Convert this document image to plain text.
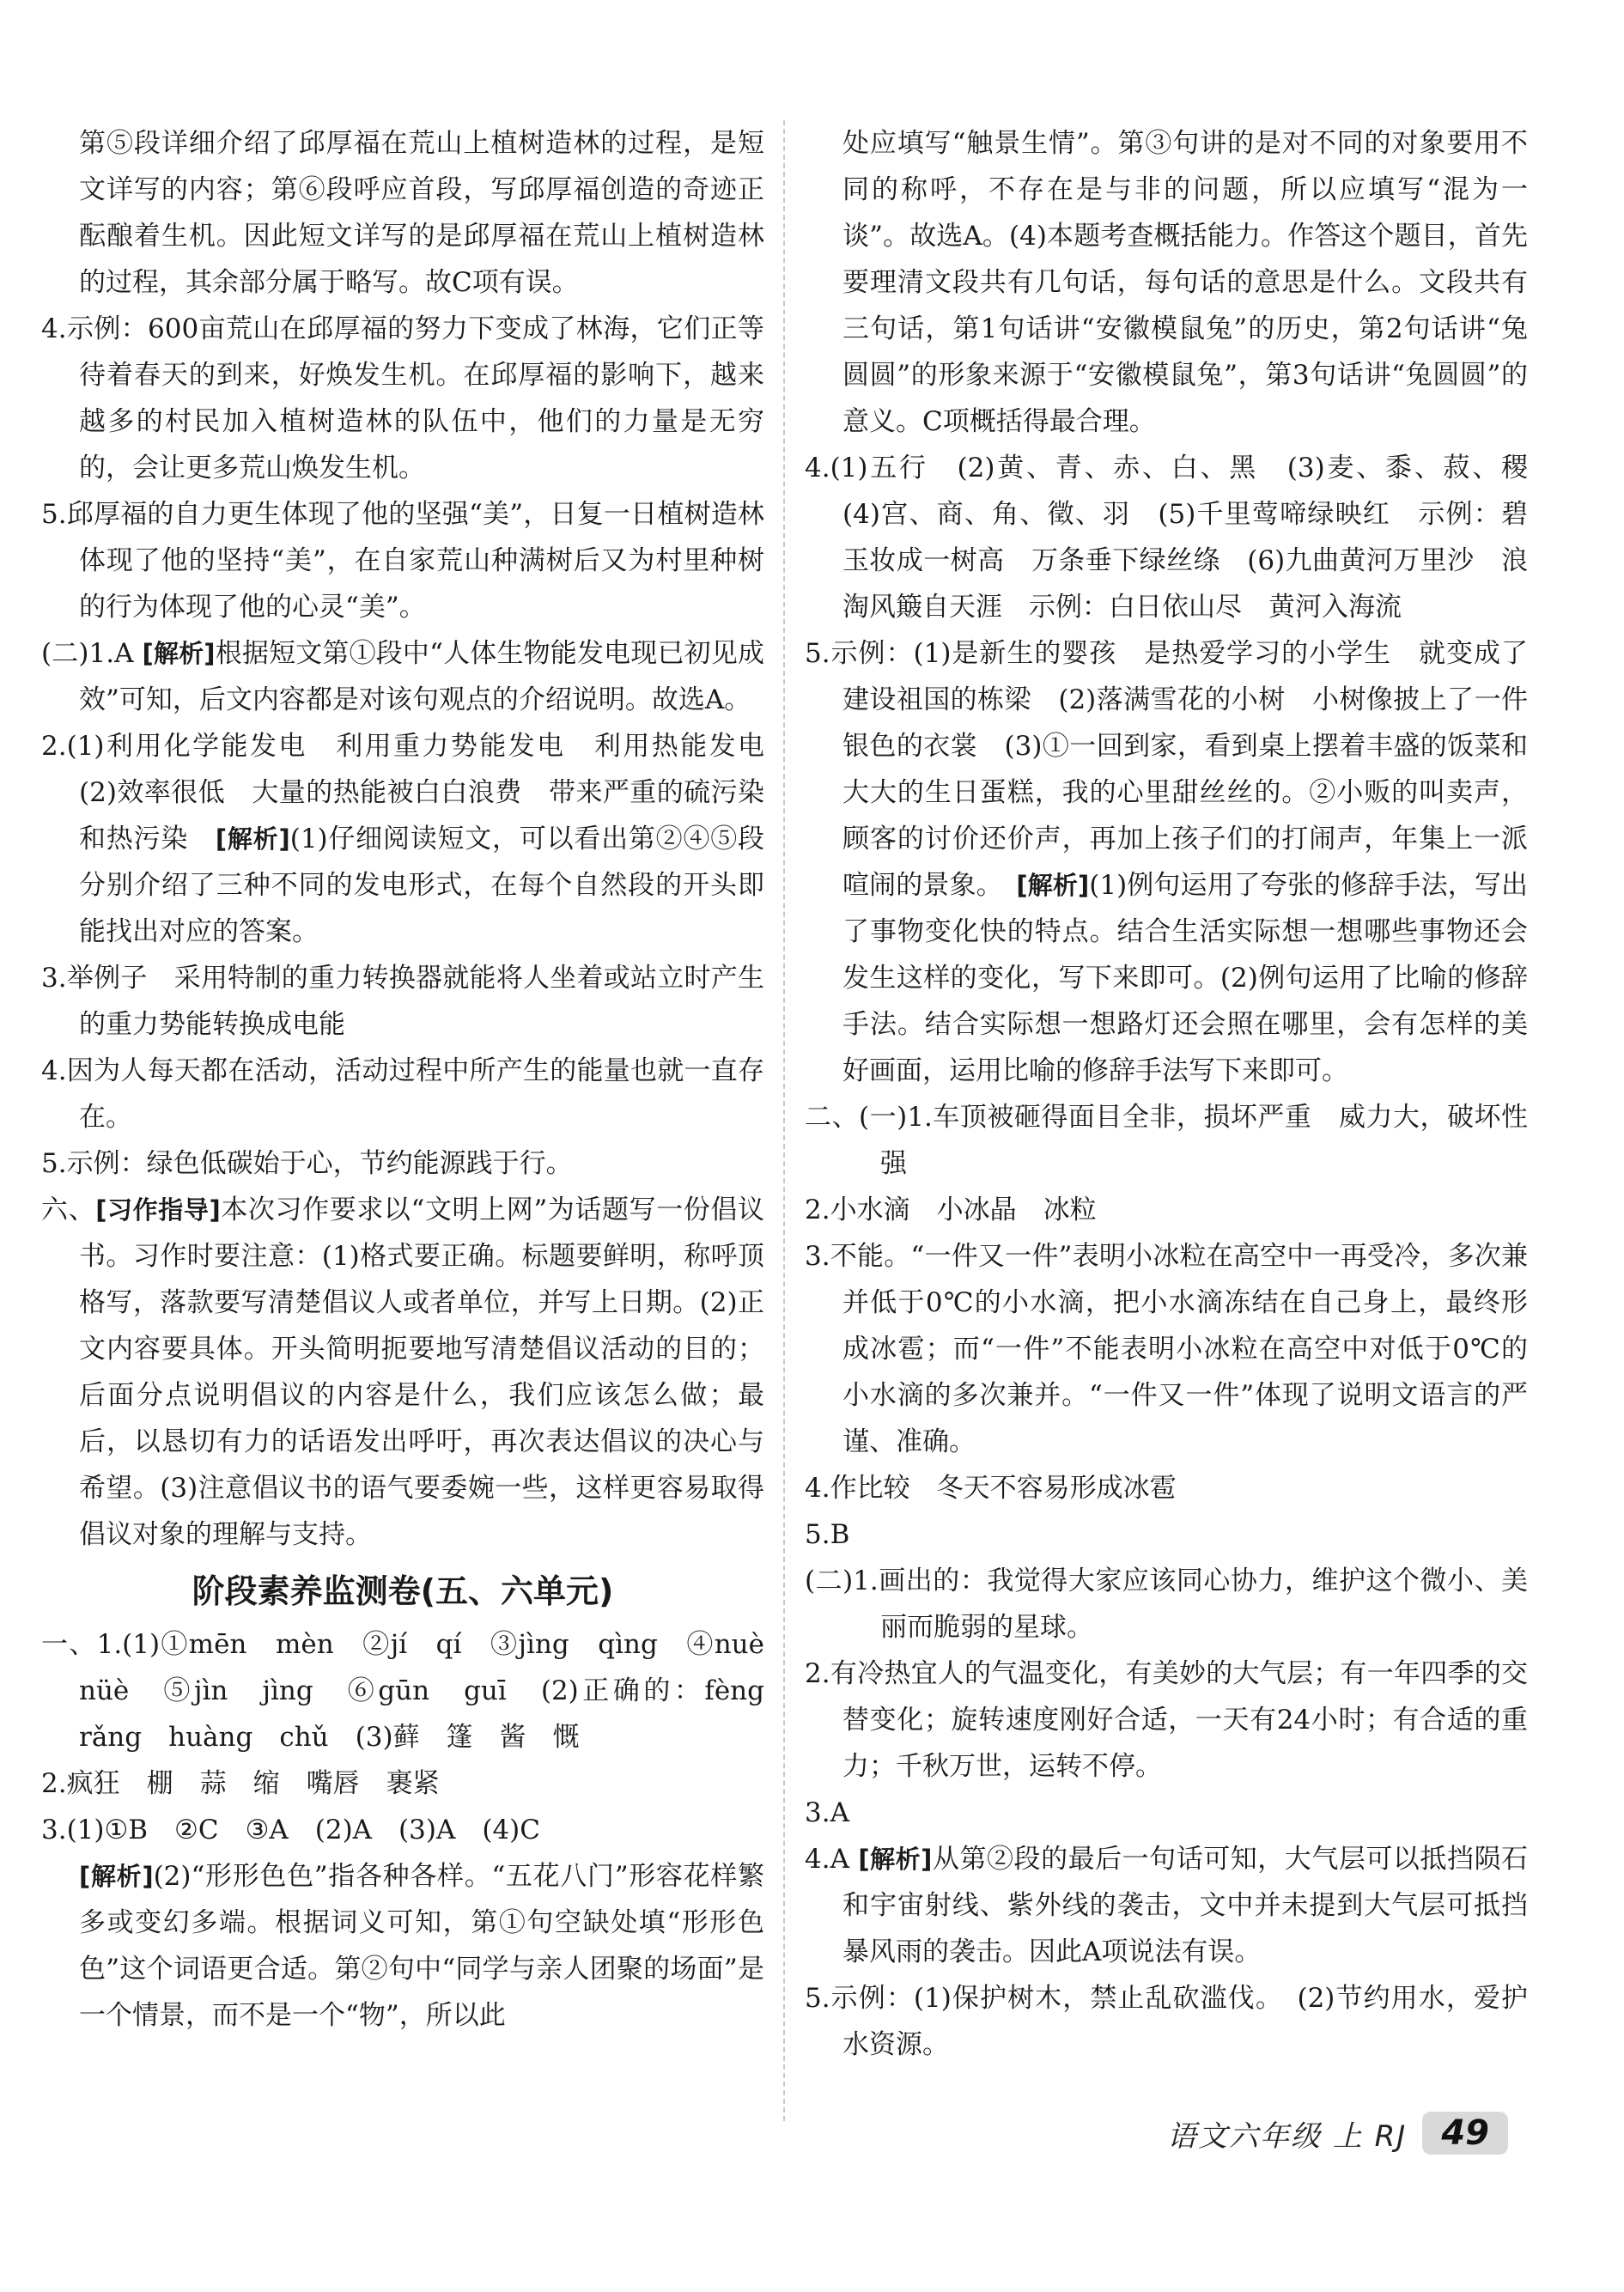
第⑤段详细介绍了邱厚福在荒山上植树造林的过程，是短文详写的内容；第⑥段呼应首段，写邱厚福创造的奇迹正酝酿着生机。因此短文详写的是邱厚福在荒山上植树造林的过程，其余部分属于略写。故C项有误。
4.示例：600亩荒山在邱厚福的努力下变成了林海，它们正等待着春天的到来，好焕发生机。在邱厚福的影响下，越来越多的村民加入植树造林的队伍中，他们的力量是无穷的，会让更多荒山焕发生机。
5.邱厚福的自力更生体现了他的坚强“美”，日复一日植树造林体现了他的坚持“美”，在自家荒山种满树后又为村里种树的行为体现了他的心灵“美”。
(二)1.A [解析]根据短文第①段中“人体生物能发电现已初见成效”可知，后文内容都是对该句观点的介绍说明。故选A。
2.(1)利用化学能发电　利用重力势能发电　利用热能发电　(2)效率很低　大量的热能被白白浪费　带来严重的硫污染和热污染　[解析](1)仔细阅读短文，可以看出第②④⑤段分别介绍了三种不同的发电形式，在每个自然段的开头即能找出对应的答案。
3.举例子　采用特制的重力转换器就能将人坐着或站立时产生的重力势能转换成电能
4.因为人每天都在活动，活动过程中所产生的能量也就一直存在。
5.示例：绿色低碳始于心，节约能源践于行。
六、[习作指导]本次习作要求以“文明上网”为话题写一份倡议书。习作时要注意：(1)格式要正确。标题要鲜明，称呼顶格写，落款要写清楚倡议人或者单位，并写上日期。(2)正文内容要具体。开头简明扼要地写清楚倡议活动的目的；后面分点说明倡议的内容是什么，我们应该怎么做；最后，以恳切有力的话语发出呼吁，再次表达倡议的决心与希望。(3)注意倡议书的语气要委婉一些，这样更容易取得倡议对象的理解与支持。
阶段素养监测卷(五、六单元)
一、1.(1)①mēn　mèn　②jí　qí　③jìng　qìng　④nuè　nüè　⑤jìn　jìng　⑥gūn　guī　(2)正确的：fèng　rǎng　huàng　chǔ　(3)藓　篷　酱　慨
2.疯狂　棚　蒜　缩　嘴唇　裹紧
3.(1)①B　②C　③A　(2)A　(3)A　(4)C
[解析](2)“形形色色”指各种各样。“五花八门”形容花样繁多或变幻多端。根据词义可知，第①句空缺处填“形形色色”这个词语更合适。第②句中“同学与亲人团聚的场面”是一个情景，而不是一个“物”，所以此
处应填写“触景生情”。第③句讲的是对不同的对象要用不同的称呼，不存在是与非的问题，所以应填写“混为一谈”。故选A。(4)本题考查概括能力。作答这个题目，首先要理清文段共有几句话，每句话的意思是什么。文段共有三句话，第1句话讲“安徽模鼠兔”的历史，第2句话讲“兔圆圆”的形象来源于“安徽模鼠兔”，第3句话讲“兔圆圆”的意义。C项概括得最合理。
4.(1)五行　(2)黄、青、赤、白、黑　(3)麦、黍、菽、稷　(4)宫、商、角、徵、羽　(5)千里莺啼绿映红　示例：碧玉妆成一树高　万条垂下绿丝绦　(6)九曲黄河万里沙　浪淘风簸自天涯　示例：白日依山尽　黄河入海流
5.示例：(1)是新生的婴孩　是热爱学习的小学生　就变成了建设祖国的栋梁　(2)落满雪花的小树　小树像披上了一件银色的衣裳　(3)①一回到家，看到桌上摆着丰盛的饭菜和大大的生日蛋糕，我的心里甜丝丝的。②小贩的叫卖声，顾客的讨价还价声，再加上孩子们的打闹声，年集上一派喧闹的景象。　[解析](1)例句运用了夸张的修辞手法，写出了事物变化快的特点。结合生活实际想一想哪些事物还会发生这样的变化，写下来即可。(2)例句运用了比喻的修辞手法。结合实际想一想路灯还会照在哪里，会有怎样的美好画面，运用比喻的修辞手法写下来即可。
二、(一)1.车顶被砸得面目全非，损坏严重　威力大，破坏性强
2.小水滴　小冰晶　冰粒
3.不能。“一件又一件”表明小冰粒在高空中一再受冷，多次兼并低于0℃的小水滴，把小水滴冻结在自己身上，最终形成冰雹；而“一件”不能表明小冰粒在高空中对低于0℃的小水滴的多次兼并。“一件又一件”体现了说明文语言的严谨、准确。
4.作比较　冬天不容易形成冰雹
5.B
(二)1.画出的：我觉得大家应该同心协力，维护这个微小、美丽而脆弱的星球。
2.有冷热宜人的气温变化，有美妙的大气层；有一年四季的交替变化；旋转速度刚好合适，一天有24小时；有合适的重力；千秋万世，运转不停。
3.A
4.A [解析]从第②段的最后一句话可知，大气层可以抵挡陨石和宇宙射线、紫外线的袭击，文中并未提到大气层可抵挡暴风雨的袭击。因此A项说法有误。
5.示例：(1)保护树木，禁止乱砍滥伐。　(2)节约用水，爱护水资源。
语文六年级 上 RJ	49
